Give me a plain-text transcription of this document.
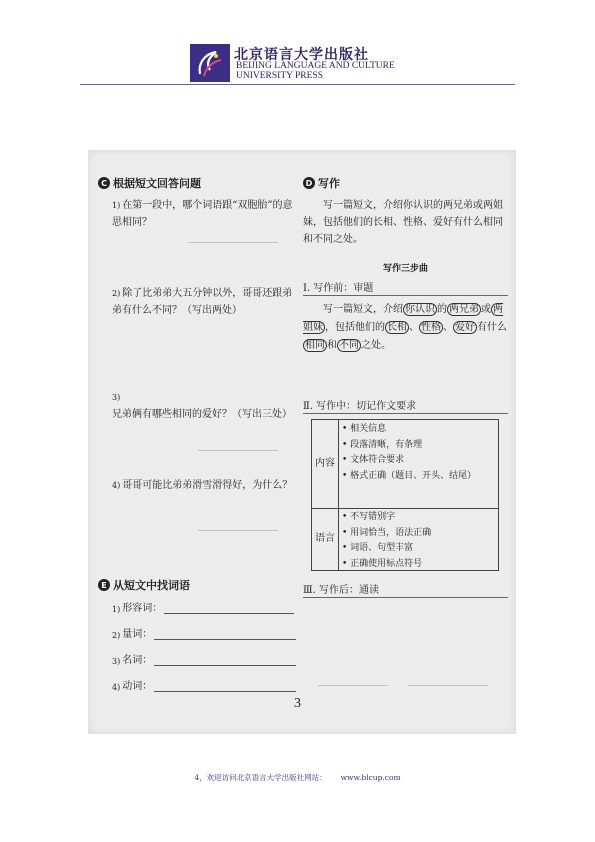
北京语言大学出版社
BEIJING LANGUAGE AND CULTURE
UNIVERSITY PRESS
C 根据短文回答问题
1) 在第一段中，哪个词语跟“双胞胎”的意思相同？
2) 除了比弟弟大五分钟以外，哥哥还跟弟弟有什么不同？（写出两处）
3)兄弟俩有哪些相同的爱好？（写出三处）
4) 哥哥可能比弟弟滑雪滑得好，为什么？
E 从短文中找词语
1) 形容词：
2) 量词：
3) 名词：
4) 动词：
D 写作
写一篇短文，介绍你认识的两兄弟或两姐妹，包括他们的长相、性格、爱好有什么相同和不同之处。
写作三步曲
Ⅰ. 写作前：审题
写一篇短文，介绍 你认识 的 两兄弟 或 两姐妹 ，包括他们的 长相 、 性格 、 爱好 有什么相同 和 不同 之处。
Ⅱ. 写作中：切记作文要求
内容
• 相关信息
• 段落清晰，有条理
• 文体符合要求
• 格式正确（题目、开头、结尾）
语言
• 不写错别字
• 用词恰当，语法正确
• 词语、句型丰富
• 正确使用标点符号
Ⅲ. 写作后：通读
3
4，欢迎访问北京语言大学出版社网站： www.blcup.com
